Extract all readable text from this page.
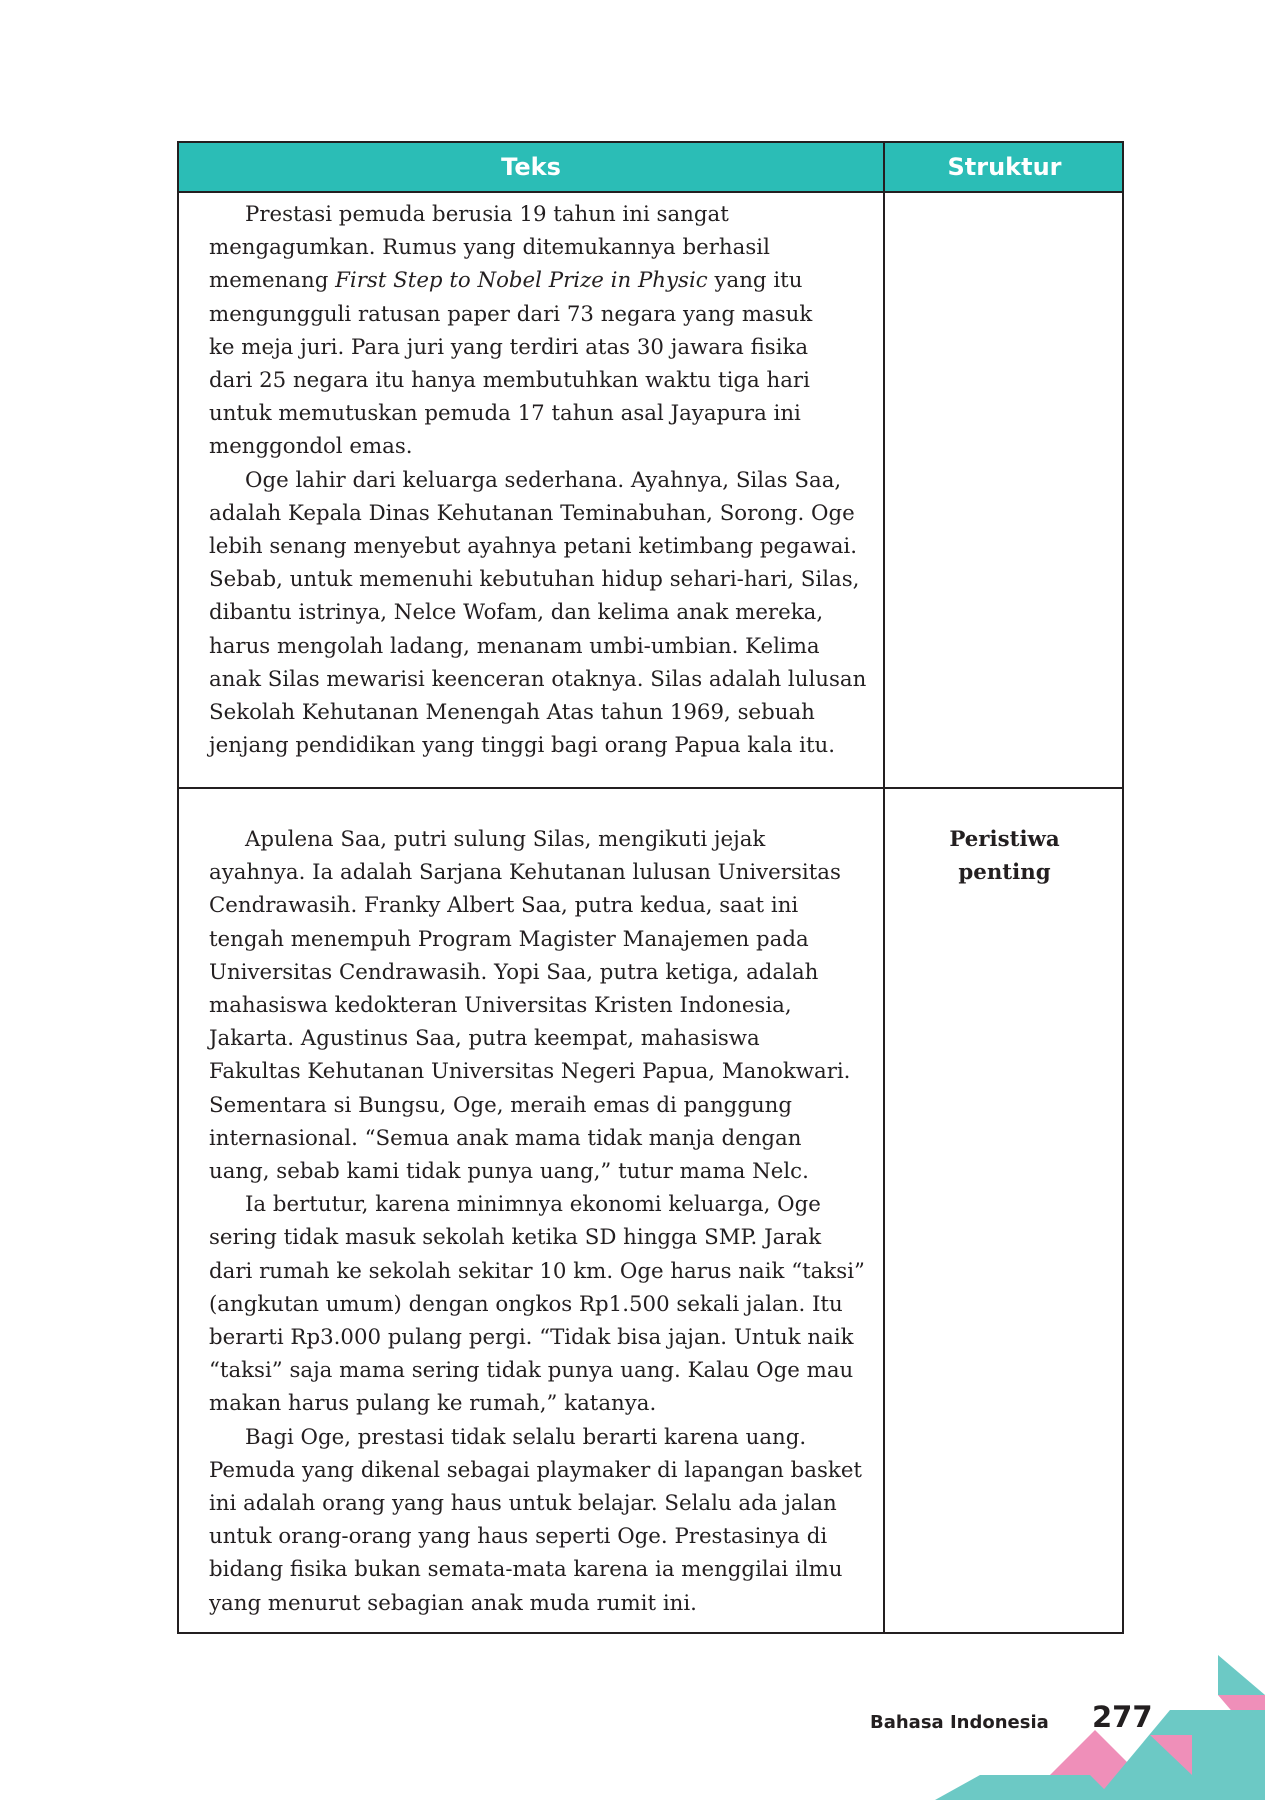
Teks	Struktur

Prestasi pemuda berusia 19 tahun ini sangat
mengagumkan. Rumus yang ditemukannya berhasil
memenang First Step to Nobel Prize in Physic yang itu
mengungguli ratusan paper dari 73 negara yang masuk
ke meja juri. Para juri yang terdiri atas 30 jawara fisika
dari 25 negara itu hanya membutuhkan waktu tiga hari
untuk memutuskan pemuda 17 tahun asal Jayapura ini
menggondol emas.

Oge lahir dari keluarga sederhana. Ayahnya, Silas Saa,
adalah Kepala Dinas Kehutanan Teminabuhan, Sorong. Oge
lebih senang menyebut ayahnya petani ketimbang pegawai.
Sebab, untuk memenuhi kebutuhan hidup sehari-hari, Silas,
dibantu istrinya, Nelce Wofam, dan kelima anak mereka,
harus mengolah ladang, menanam umbi-umbian. Kelima
anak Silas mewarisi keenceran otaknya. Silas adalah lulusan
Sekolah Kehutanan Menengah Atas tahun 1969, sebuah
jenjang pendidikan yang tinggi bagi orang Papua kala itu.

Apulena Saa, putri sulung Silas, mengikuti jejak
ayahnya. Ia adalah Sarjana Kehutanan lulusan Universitas
Cendrawasih. Franky Albert Saa, putra kedua, saat ini
tengah menempuh Program Magister Manajemen pada
Universitas Cendrawasih. Yopi Saa, putra ketiga, adalah
mahasiswa kedokteran Universitas Kristen Indonesia,
Jakarta. Agustinus Saa, putra keempat, mahasiswa
Fakultas Kehutanan Universitas Negeri Papua, Manokwari.
Sementara si Bungsu, Oge, meraih emas di panggung
internasional. “Semua anak mama tidak manja dengan
uang, sebab kami tidak punya uang,” tutur mama Nelc.

Ia bertutur, karena minimnya ekonomi keluarga, Oge
sering tidak masuk sekolah ketika SD hingga SMP. Jarak
dari rumah ke sekolah sekitar 10 km. Oge harus naik “taksi”
(angkutan umum) dengan ongkos Rp1.500 sekali jalan. Itu
berarti Rp3.000 pulang pergi. “Tidak bisa jajan. Untuk naik
“taksi” saja mama sering tidak punya uang. Kalau Oge mau
makan harus pulang ke rumah,” katanya.

Bagi Oge, prestasi tidak selalu berarti karena uang.
Pemuda yang dikenal sebagai playmaker di lapangan basket
ini adalah orang yang haus untuk belajar. Selalu ada jalan
untuk orang-orang yang haus seperti Oge. Prestasinya di
bidang fisika bukan semata-mata karena ia menggilai ilmu
yang menurut sebagian anak muda rumit ini.

Peristiwa
penting
Bahasa Indonesia 277
